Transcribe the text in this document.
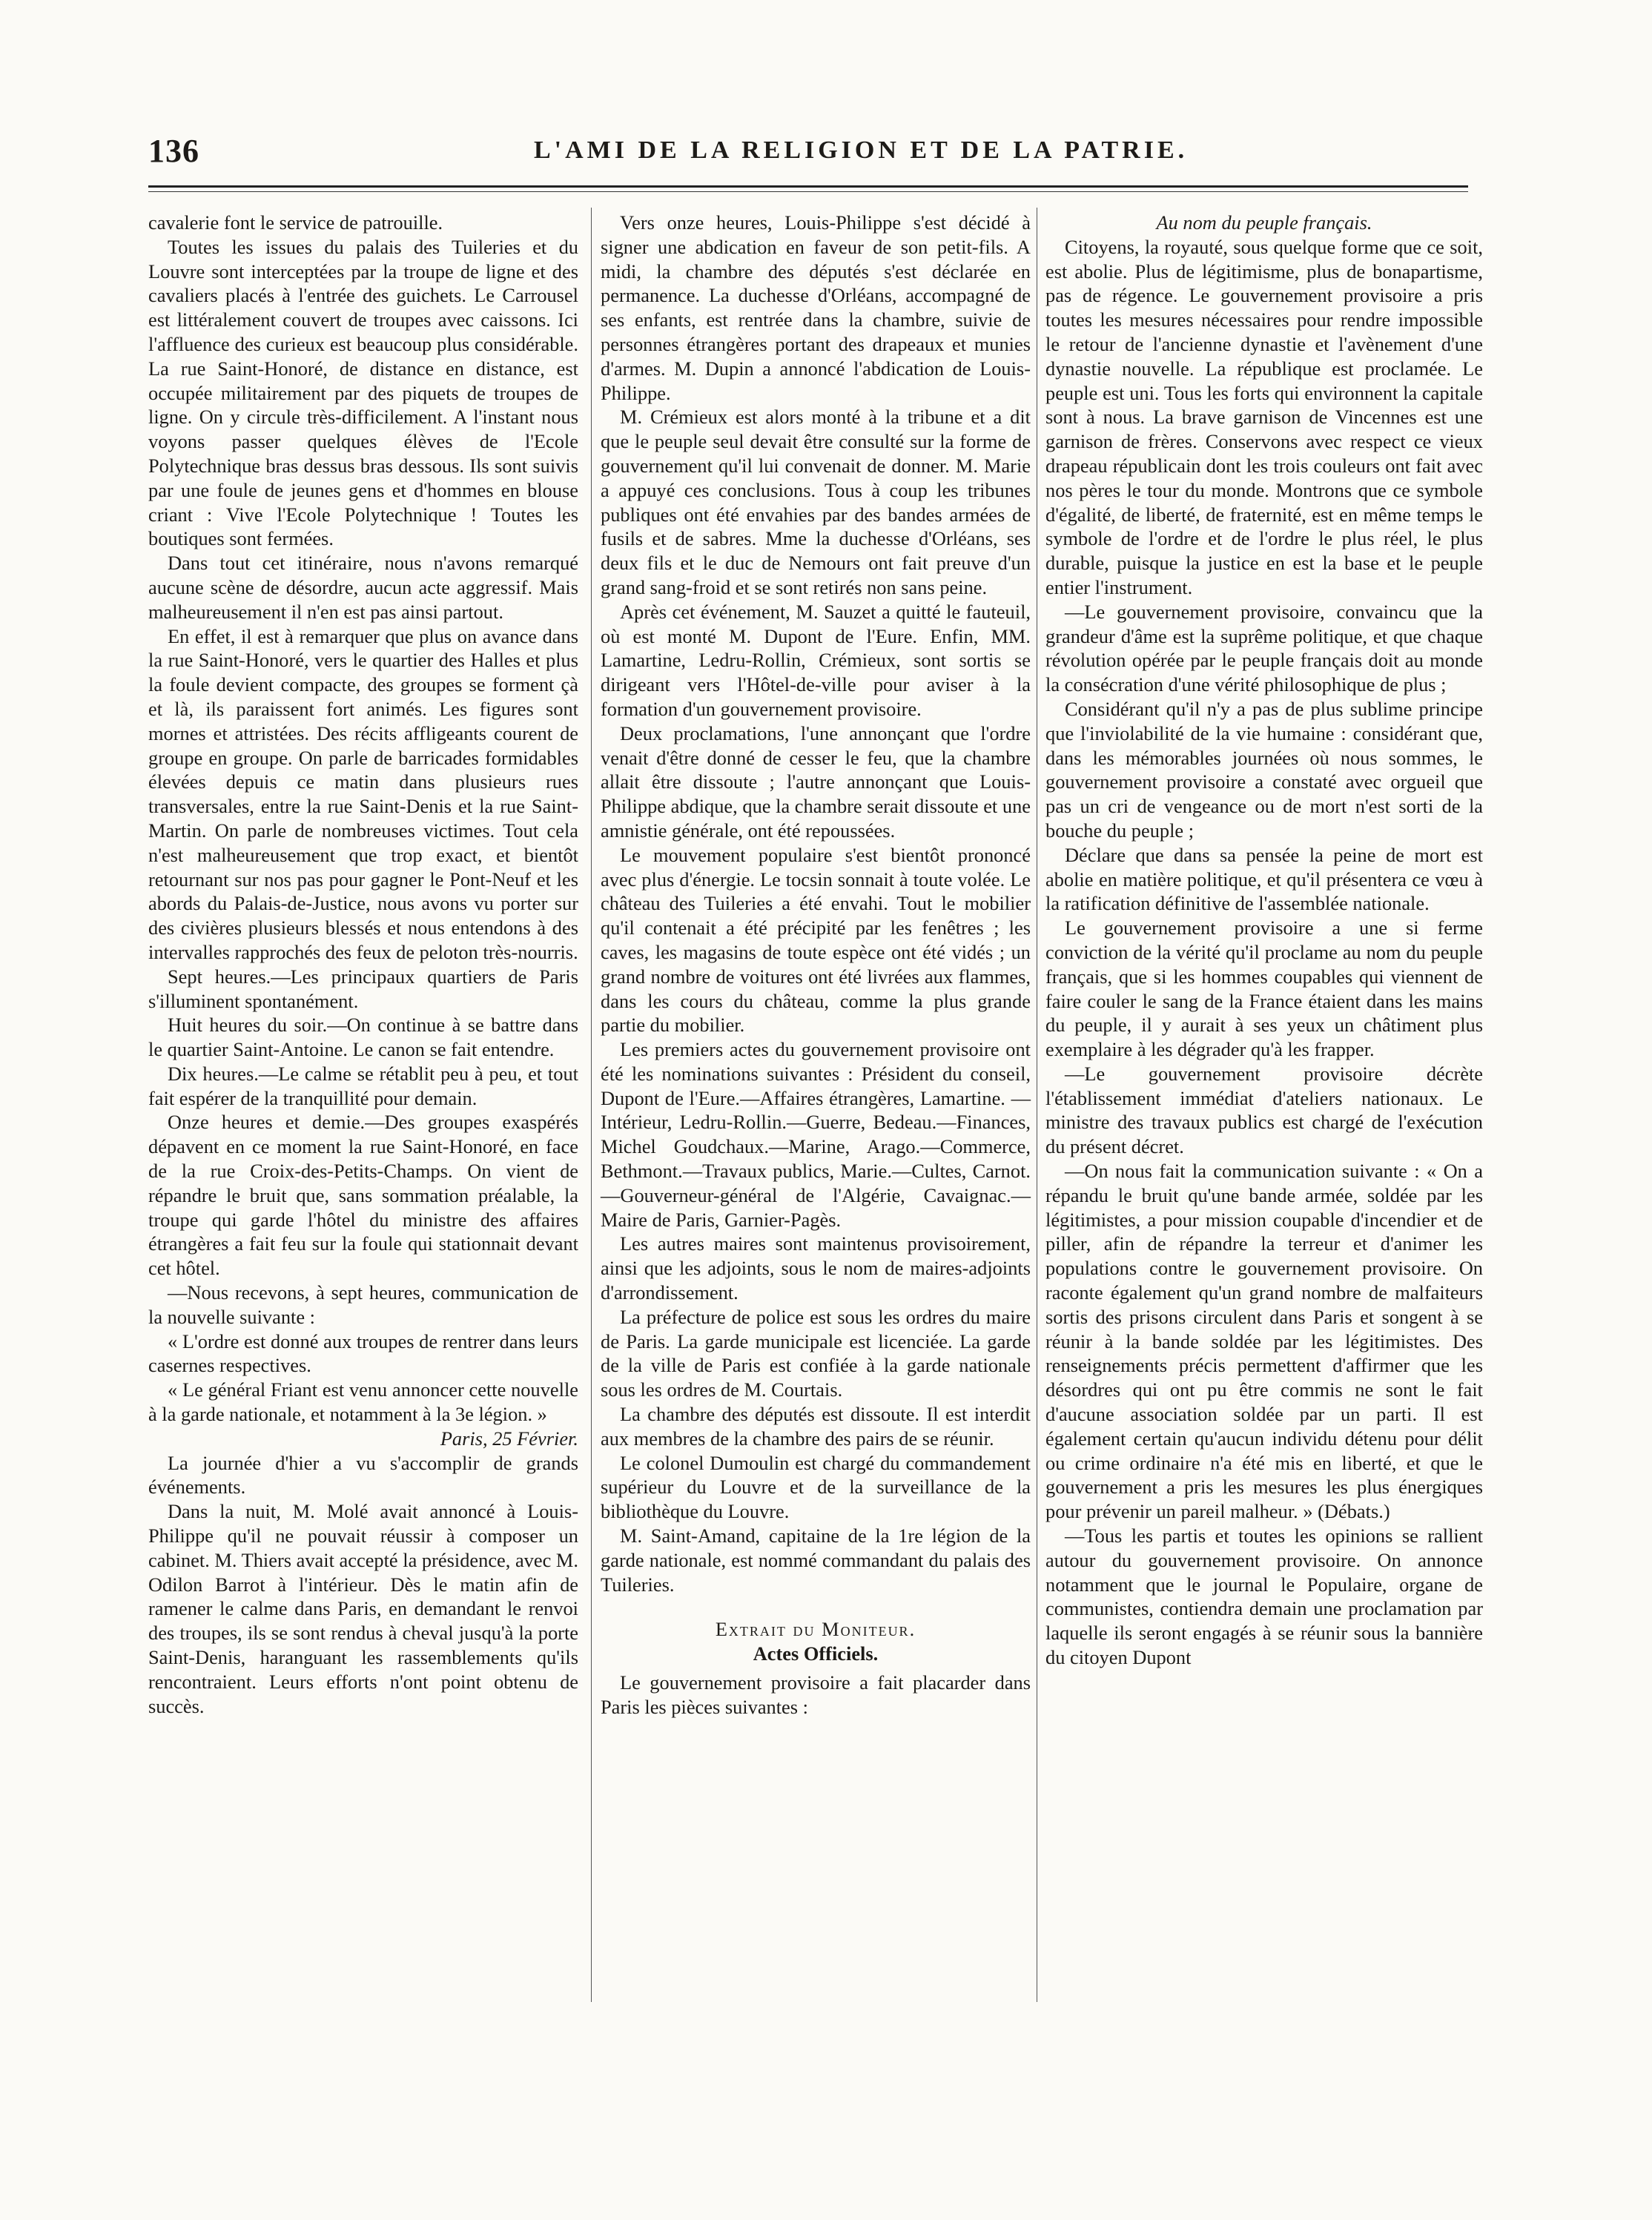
136	L'AMI DE LA RELIGION ET DE LA PATRIE.

cavalerie font le service de patrouille.

Toutes les issues du palais des Tuileries et du Louvre sont interceptées par la troupe de ligne et des cavaliers placés à l'entrée des guichets. Le Carrousel est littéralement couvert de troupes avec caissons. Ici l'affluence des curieux est beaucoup plus considérable. La rue Saint-Honoré, de distance en distance, est occupée militairement par des piquets de troupes de ligne. On y circule très-difficilement. A l'instant nous voyons passer quelques élèves de l'Ecole Polytechnique bras dessus bras dessous. Ils sont suivis par une foule de jeunes gens et d'hommes en blouse criant : Vive l'Ecole Polytechnique ! Toutes les boutiques sont fermées.

Dans tout cet itinéraire, nous n'avons remarqué aucune scène de désordre, aucun acte aggressif. Mais malheureusement il n'en est pas ainsi partout.

En effet, il est à remarquer que plus on avance dans la rue Saint-Honoré, vers le quartier des Halles et plus la foule devient compacte, des groupes se forment çà et là, ils paraissent fort animés. Les figures sont mornes et attristées. Des récits affligeants courent de groupe en groupe. On parle de barricades formidables élevées depuis ce matin dans plusieurs rues transversales, entre la rue Saint-Denis et la rue Saint-Martin. On parle de nombreuses victimes. Tout cela n'est malheureusement que trop exact, et bientôt retournant sur nos pas pour gagner le Pont-Neuf et les abords du Palais-de-Justice, nous avons vu porter sur des civières plusieurs blessés et nous entendons à des intervalles rapprochés des feux de peloton très-nourris.

Sept heures.—Les principaux quartiers de Paris s'illuminent spontanément.

Huit heures du soir.—On continue à se battre dans le quartier Saint-Antoine. Le canon se fait entendre.

Dix heures.—Le calme se rétablit peu à peu, et tout fait espérer de la tranquillité pour demain.

Onze heures et demie.—Des groupes exaspérés dépavent en ce moment la rue Saint-Honoré, en face de la rue Croix-des-Petits-Champs. On vient de répandre le bruit que, sans sommation préalable, la troupe qui garde l'hôtel du ministre des affaires étrangères a fait feu sur la foule qui stationnait devant cet hôtel.

—Nous recevons, à sept heures, communication de la nouvelle suivante :

« L'ordre est donné aux troupes de rentrer dans leurs casernes respectives.

« Le général Friant est venu annoncer cette nouvelle à la garde nationale, et notamment à la 3e légion. »

Paris, 25 Février.

La journée d'hier a vu s'accomplir de grands événements.

Dans la nuit, M. Molé avait annoncé à Louis-Philippe qu'il ne pouvait réussir à composer un cabinet. M. Thiers avait accepté la présidence, avec M. Odilon Barrot à l'intérieur. Dès le matin afin de ramener le calme dans Paris, en demandant le renvoi des troupes, ils se sont rendus à cheval jusqu'à la porte Saint-Denis, haranguant les rassemblements qu'ils rencontraient. Leurs efforts n'ont point obtenu de succès.

Vers onze heures, Louis-Philippe s'est décidé à signer une abdication en faveur de son petit-fils. A midi, la chambre des députés s'est déclarée en permanence. La duchesse d'Orléans, accompagné de ses enfants, est rentrée dans la chambre, suivie de personnes étrangères portant des drapeaux et munies d'armes. M. Dupin a annoncé l'abdication de Louis-Philippe.

M. Crémieux est alors monté à la tribune et a dit que le peuple seul devait être consulté sur la forme de gouvernement qu'il lui convenait de donner. M. Marie a appuyé ces conclusions. Tous à coup les tribunes publiques ont été envahies par des bandes armées de fusils et de sabres. Mme la duchesse d'Orléans, ses deux fils et le duc de Nemours ont fait preuve d'un grand sang-froid et se sont retirés non sans peine.

Après cet événement, M. Sauzet a quitté le fauteuil, où est monté M. Dupont de l'Eure. Enfin, MM. Lamartine, Ledru-Rollin, Crémieux, sont sortis se dirigeant vers l'Hôtel-de-ville pour aviser à la formation d'un gouvernement provisoire.

Deux proclamations, l'une annonçant que l'ordre venait d'être donné de cesser le feu, que la chambre allait être dissoute ; l'autre annonçant que Louis-Philippe abdique, que la chambre serait dissoute et une amnistie générale, ont été repoussées.

Le mouvement populaire s'est bientôt prononcé avec plus d'énergie. Le tocsin sonnait à toute volée. Le château des Tuileries a été envahi. Tout le mobilier qu'il contenait a été précipité par les fenêtres ; les caves, les magasins de toute espèce ont été vidés ; un grand nombre de voitures ont été livrées aux flammes, dans les cours du château, comme la plus grande partie du mobilier.

Les premiers actes du gouvernement provisoire ont été les nominations suivantes : Président du conseil, Dupont de l'Eure.—Affaires étrangères, Lamartine. —Intérieur, Ledru-Rollin.—Guerre, Bedeau.—Finances, Michel Goudchaux.—Marine, Arago.—Commerce, Bethmont.—Travaux publics, Marie.—Cultes, Carnot. —Gouverneur-général de l'Algérie, Cavaignac.—Maire de Paris, Garnier-Pagès.

Les autres maires sont maintenus provisoirement, ainsi que les adjoints, sous le nom de maires-adjoints d'arrondissement.

La préfecture de police est sous les ordres du maire de Paris. La garde municipale est licenciée. La garde de la ville de Paris est confiée à la garde nationale sous les ordres de M. Courtais.

La chambre des députés est dissoute. Il est interdit aux membres de la chambre des pairs de se réunir.

Le colonel Dumoulin est chargé du commandement supérieur du Louvre et de la surveillance de la bibliothèque du Louvre.

M. Saint-Amand, capitaine de la 1re légion de la garde nationale, est nommé commandant du palais des Tuileries.

Extrait du Moniteur.

Actes Officiels.

Le gouvernement provisoire a fait placarder dans Paris les pièces suivantes :

Au nom du peuple français.

Citoyens, la royauté, sous quelque forme que ce soit, est abolie. Plus de légitimisme, plus de bonapartisme, pas de régence. Le gouvernement provisoire a pris toutes les mesures nécessaires pour rendre impossible le retour de l'ancienne dynastie et l'avènement d'une dynastie nouvelle. La république est proclamée. Le peuple est uni. Tous les forts qui environnent la capitale sont à nous. La brave garnison de Vincennes est une garnison de frères. Conservons avec respect ce vieux drapeau républicain dont les trois couleurs ont fait avec nos pères le tour du monde. Montrons que ce symbole d'égalité, de liberté, de fraternité, est en même temps le symbole de l'ordre et de l'ordre le plus réel, le plus durable, puisque la justice en est la base et le peuple entier l'instrument.

—Le gouvernement provisoire, convaincu que la grandeur d'âme est la suprême politique, et que chaque révolution opérée par le peuple français doit au monde la consécration d'une vérité philosophique de plus ;

Considérant qu'il n'y a pas de plus sublime principe que l'inviolabilité de la vie humaine : considérant que, dans les mémorables journées où nous sommes, le gouvernement provisoire a constaté avec orgueil que pas un cri de vengeance ou de mort n'est sorti de la bouche du peuple ;

Déclare que dans sa pensée la peine de mort est abolie en matière politique, et qu'il présentera ce vœu à la ratification définitive de l'assemblée nationale.

Le gouvernement provisoire a une si ferme conviction de la vérité qu'il proclame au nom du peuple français, que si les hommes coupables qui viennent de faire couler le sang de la France étaient dans les mains du peuple, il y aurait à ses yeux un châtiment plus exemplaire à les dégrader qu'à les frapper.

—Le gouvernement provisoire décrète l'établissement immédiat d'ateliers nationaux. Le ministre des travaux publics est chargé de l'exécution du présent décret.

—On nous fait la communication suivante : « On a répandu le bruit qu'une bande armée, soldée par les légitimistes, a pour mission coupable d'incendier et de piller, afin de répandre la terreur et d'animer les populations contre le gouvernement provisoire. On raconte également qu'un grand nombre de malfaiteurs sortis des prisons circulent dans Paris et songent à se réunir à la bande soldée par les légitimistes. Des renseignements précis permettent d'affirmer que les désordres qui ont pu être commis ne sont le fait d'aucune association soldée par un parti. Il est également certain qu'aucun individu détenu pour délit ou crime ordinaire n'a été mis en liberté, et que le gouvernement a pris les mesures les plus énergiques pour prévenir un pareil malheur. » (Débats.)

—Tous les partis et toutes les opinions se rallient autour du gouvernement provisoire. On annonce notamment que le journal le Populaire, organe de communistes, contiendra demain une proclamation par laquelle ils seront engagés à se réunir sous la bannière du citoyen Dupont
